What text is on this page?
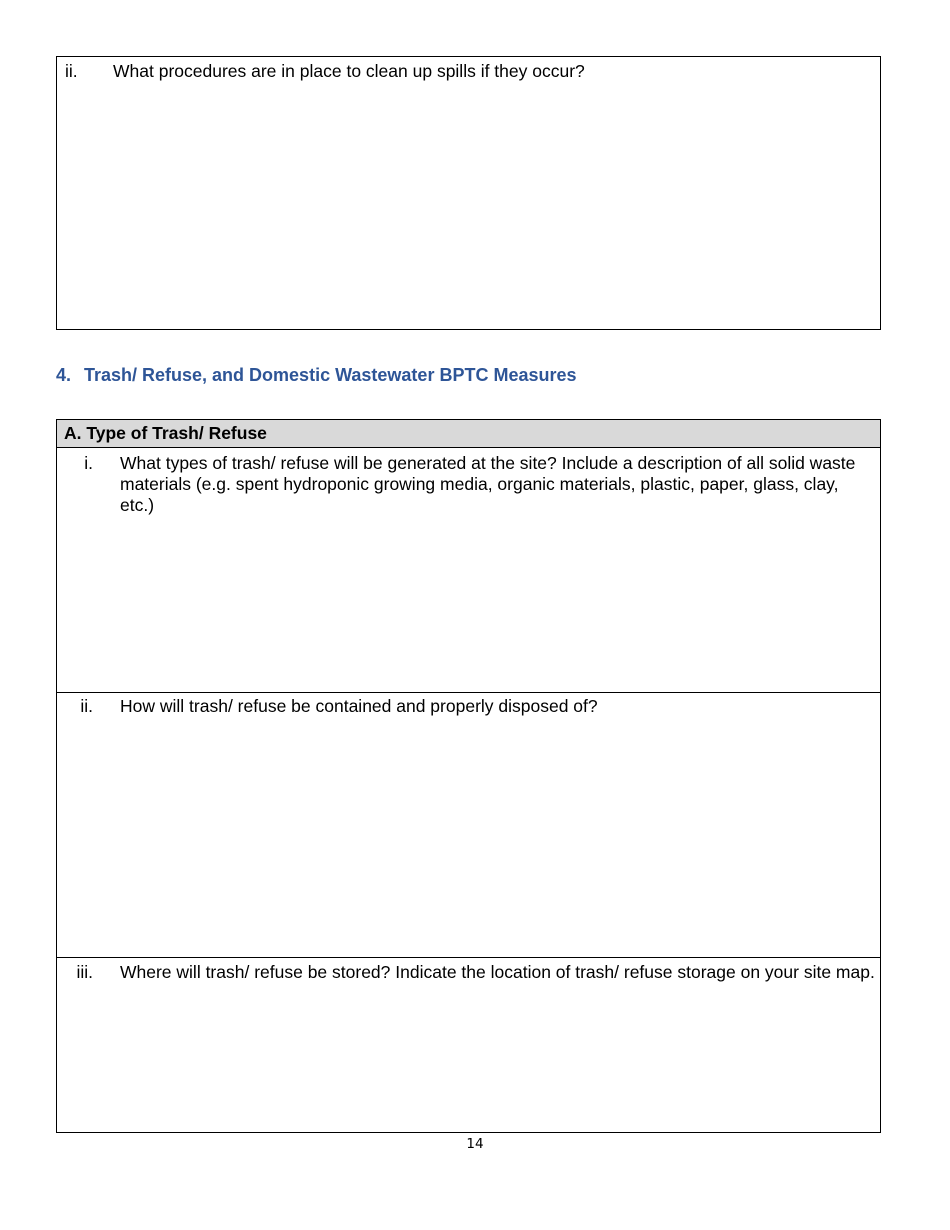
ii.	What procedures are in place to clean up spills if they occur?
4. Trash/ Refuse, and Domestic Wastewater BPTC Measures
A. Type of Trash/ Refuse
i. What types of trash/ refuse will be generated at the site? Include a description of all solid waste materials (e.g. spent hydroponic growing media, organic materials, plastic, paper, glass, clay, etc.)
ii. How will trash/ refuse be contained and properly disposed of?
iii. Where will trash/ refuse be stored? Indicate the location of trash/ refuse storage on your site map.
14
